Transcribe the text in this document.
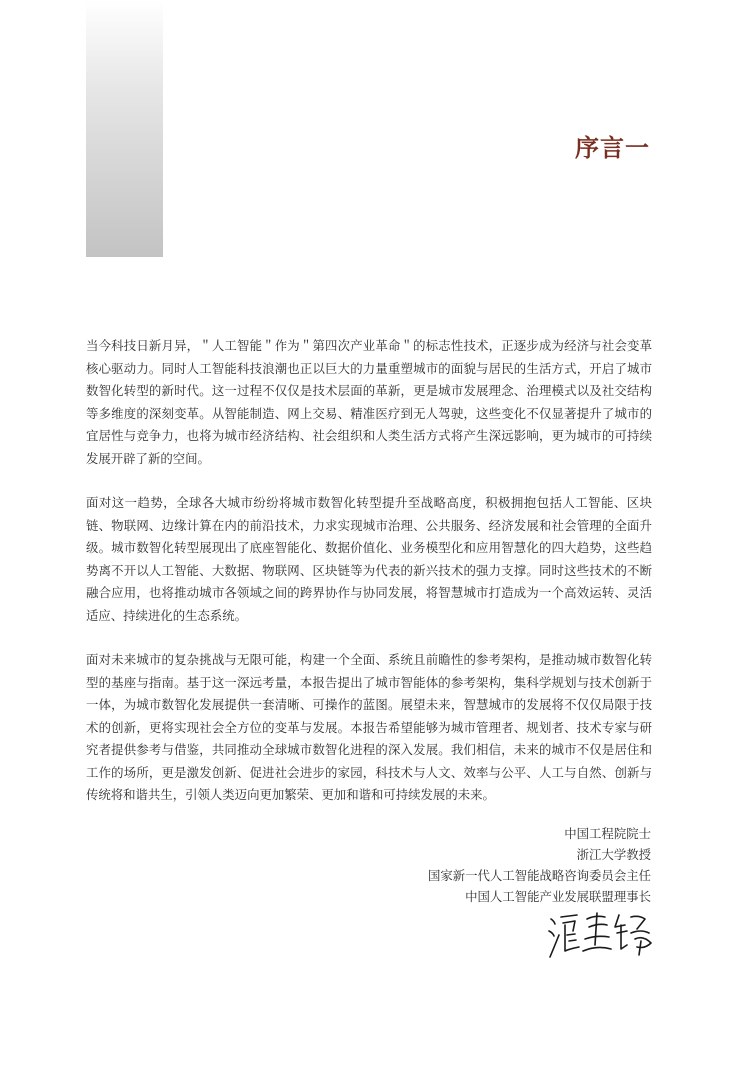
序言一

当今科技日新月异，＂人工智能＂作为＂第四次产业革命＂的标志性技术，正逐步成为经济与社会变革核心驱动力。同时人工智能科技浪潮也正以巨大的力量重塑城市的面貌与居民的生活方式，开启了城市数智化转型的新时代。这一过程不仅仅是技术层面的革新，更是城市发展理念、治理模式以及社交结构等多维度的深刻变革。从智能制造、网上交易、精准医疗到无人驾驶，这些变化不仅显著提升了城市的宜居性与竞争力，也将为城市经济结构、社会组织和人类生活方式将产生深远影响，更为城市的可持续发展开辟了新的空间。

面对这一趋势，全球各大城市纷纷将城市数智化转型提升至战略高度，积极拥抱包括人工智能、区块链、物联网、边缘计算在内的前沿技术，力求实现城市治理、公共服务、经济发展和社会管理的全面升级。城市数智化转型展现出了底座智能化、数据价值化、业务模型化和应用智慧化的四大趋势，这些趋势离不开以人工智能、大数据、物联网、区块链等为代表的新兴技术的强力支撑。同时这些技术的不断融合应用，也将推动城市各领域之间的跨界协作与协同发展，将智慧城市打造成为一个高效运转、灵活适应、持续进化的生态系统。

面对未来城市的复杂挑战与无限可能，构建一个全面、系统且前瞻性的参考架构，是推动城市数智化转型的基座与指南。基于这一深远考量，本报告提出了城市智能体的参考架构，集科学规划与技术创新于一体，为城市数智化发展提供一套清晰、可操作的蓝图。展望未来，智慧城市的发展将不仅仅局限于技术的创新，更将实现社会全方位的变革与发展。本报告希望能够为城市管理者、规划者、技术专家与研究者提供参考与借鉴，共同推动全球城市数智化进程的深入发展。我们相信，未来的城市不仅是居住和工作的场所，更是激发创新、促进社会进步的家园，科技术与人文、效率与公平、人工与自然、创新与传统将和谐共生，引领人类迈向更加繁荣、更加和谐和可持续发展的未来。

中国工程院院士
浙江大学教授
国家新一代人工智能战略咨询委员会主任
中国人工智能产业发展联盟理事长
